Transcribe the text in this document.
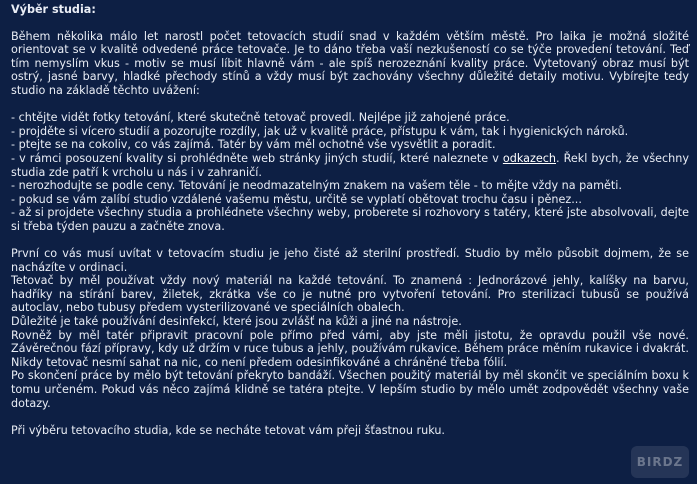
Výběr studia:

Během několika málo let narostl počet tetovacích studií snad v každém větším městě. Pro laika je možná složité orientovat se v kvalitě odvedené práce tetovače. Je to dáno třeba vaší nezkušeností co se týče provedení tetování. Teď tím nemyslím vkus - motiv se musí líbit hlavně vám - ale spíš nerozeznání kvality práce. Vytetovaný obraz musí být ostrý, jasné barvy, hladké přechody stínů a vždy musí být zachovány všechny důležité detaily motivu. Vybírejte tedy studio na základě těchto uvážení:

- chtějte vidět fotky tetování, které skutečně tetovač provedl. Nejlépe již zahojené práce.

- projděte si vícero studií a pozorujte rozdíly, jak už v kvalitě práce, přístupu k vám, tak i hygienických nároků.

- ptejte se na cokoliv, co vás zajímá. Tatér by vám měl ochotně vše vysvětlit a poradit.

- v rámci posouzení kvality si prohlédněte web stránky jiných studií, které naleznete v odkazech. Řekl bych, že všechny studia zde patří k vrcholu u nás i v zahraničí.

- nerozhodujte se podle ceny. Tetování je neodmazatelným znakem na vašem těle - to mějte vždy na paměti.

- pokud se vám zalíbí studio vzdálené vašemu městu, určitě se vyplatí obětovat trochu času i pěnez...

- až si projdete všechny studia a prohlédnete všechny weby, proberete si rozhovory s tatéry, které jste absolvovali, dejte si třeba týden pauzu a začněte znova.

První co vás musí uvítat v tetovacím studiu je jeho čisté až sterilní prostředí. Studio by mělo působit dojmem, že se nacházíte v ordinaci.

Tetovač by měl používat vždy nový materiál na každé tetování. To znamená : Jednorázové jehly, kalíšky na barvu, hadříky na stírání barev, žiletek, zkrátka vše co je nutné pro vytvoření tetování. Pro sterilizaci tubusů se používá autoclav, nebo tubusy předem vysterilizované ve speciálních obalech.

Důležité je také používání desinfekcí, které jsou zvlášť na kůži a jiné na nástroje.

Rovněž by měl tatér připravit pracovní pole přímo před vámi, aby jste měli jistotu, že opravdu použil vše nové. Závěrečnou fází přípravy, kdy už držím v ruce tubus a jehly, používám rukavice. Během práce měním rukavice i dvakrát. Nikdy tetovač nesmí sahat na nic, co není předem odesinfikováné a chráněné třeba fólií.

Po skončení práce by mělo být tetování překryto bandáží. Všechen použitý materiál by měl skončit ve speciálním boxu k tomu určeném. Pokud vás něco zajímá klidně se tatéra ptejte. V lepším studio by mělo umět zodpovědět všechny vaše dotazy.

Při výběru tetovacího studia, kde se necháte tetovat vám přeji šťastnou ruku.

BIRDZ
